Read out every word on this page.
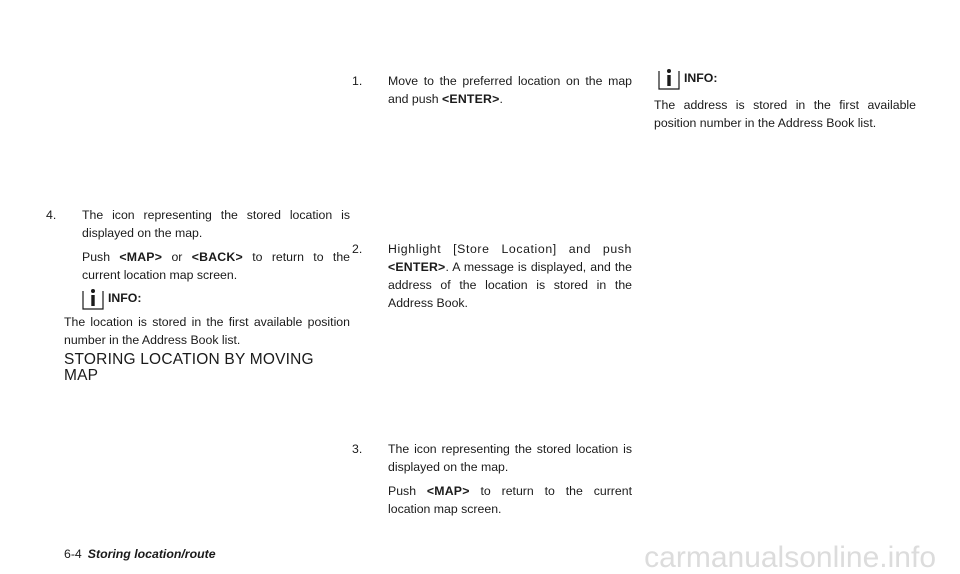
4. The icon representing the stored location is displayed on the map.

Push <MAP> or <BACK> to return to the current location map screen.

INFO:
The location is stored in the first available position number in the Address Book list.
STORING LOCATION BY MOVING
MAP

1. Move to the preferred location on the map and push <ENTER>.

2. Highlight [Store Location] and push <ENTER>. A message is displayed, and the address of the location is stored in the Address Book.

3. The icon representing the stored location is displayed on the map.

Push <MAP> to return to the current location map screen.

INFO:
The address is stored in the first available position number in the Address Book list.
6-4 Storing location/route	carmanualsonline.info
